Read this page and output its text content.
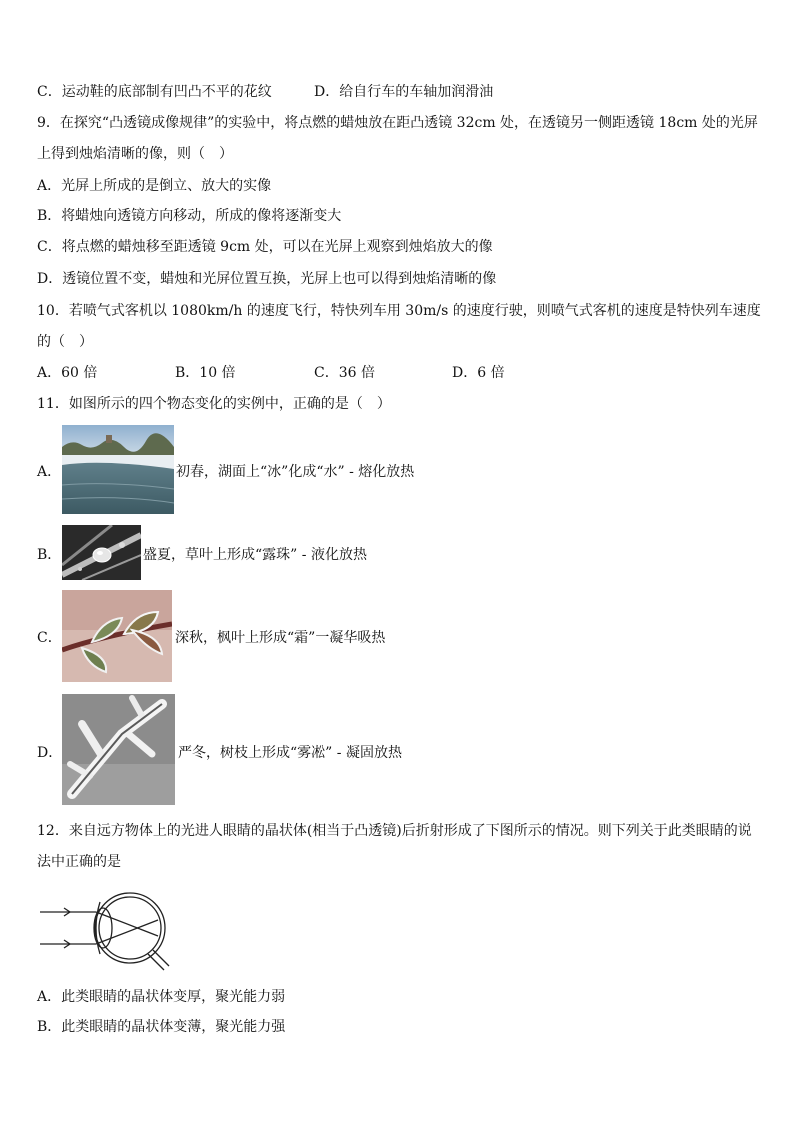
C．运动鞋的底部制有凹凸不平的花纹	D．给自行车的车轴加润滑油
9．在探究“凸透镜成像规律”的实验中，将点燃的蜡烛放在距凸透镜 32cm 处，在透镜另一侧距透镜 18cm 处的光屏上得到烛焰清晰的像，则（　）
A．光屏上所成的是倒立、放大的实像
B．将蜡烛向透镜方向移动，所成的像将逐渐变大
C．将点燃的蜡烛移至距透镜 9cm 处，可以在光屏上观察到烛焰放大的像
D．透镜位置不变，蜡烛和光屏位置互换，光屏上也可以得到烛焰清晰的像
10．若喷气式客机以 1080km/h 的速度飞行，特快列车用 30m/s 的速度行驶，则喷气式客机的速度是特快列车速度的（　）
A．60 倍	B．10 倍	C．36 倍	D．6 倍
11．如图所示的四个物态变化的实例中，正确的是（　）
A．	初春，湖面上“冰”化成“水” - 熔化放热
B．	盛夏，草叶上形成“露珠” - 液化放热
C．	深秋，枫叶上形成“霜”一凝华吸热
D．	严冬，树枝上形成“雾凇” - 凝固放热
12．来自远方物体上的光进人眼睛的晶状体(相当于凸透镜)后折射形成了下图所示的情况。则下列关于此类眼睛的说法中正确的是
A．此类眼睛的晶状体变厚，聚光能力弱
B．此类眼睛的晶状体变薄，聚光能力强
